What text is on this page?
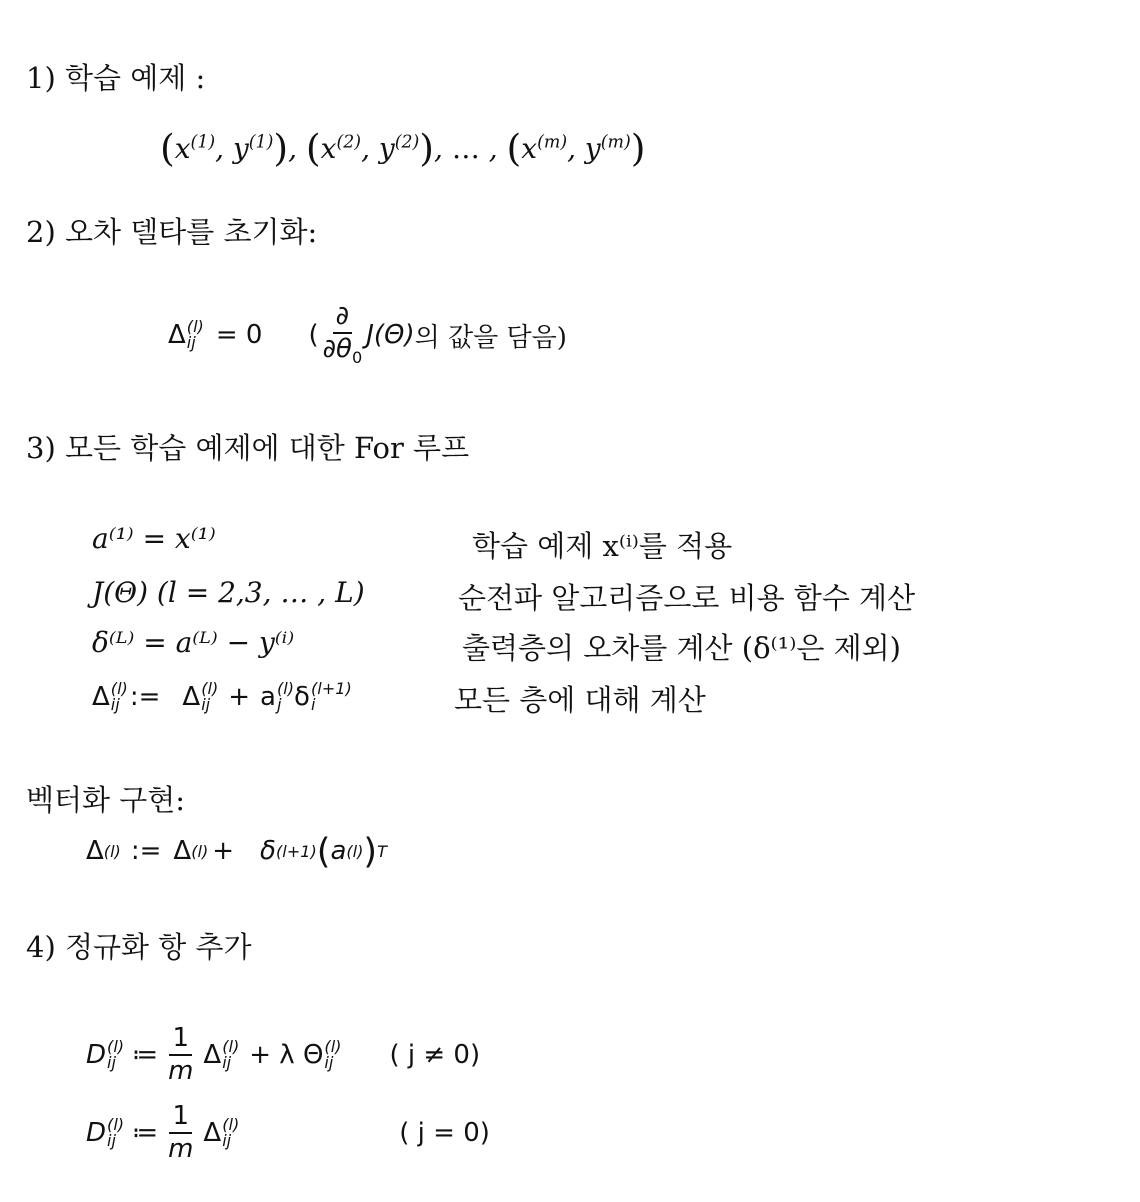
1) 학습 예제 :
($x^{(1)}$, $y^{(1)}$), ($x^{(2)}$, $y^{(2)}$), … , ($x^{(m)}$, $y^{(m)}$)
2) 오차 델타를 초기화:
Δ (l)
ij = 0 ( $\frac{\partial}{\partial\theta_0} J(\Theta)$ 의 값을 담음)
3) 모든 학습 예제에 대한 For 루프
a⁽¹⁾ = x⁽¹⁾	학습 예제 x⁽ⁱ⁾를 적용
J(Θ) (l = 2,3, … , L)	순전파 알고리즘으로 비용 함수 계산
δ⁽ᴸ⁾ = a⁽ᴸ⁾ − y⁽ⁱ⁾	출력층의 오차를 계산 (δ⁽¹⁾은 제외)
Δ (l)
ij := Δ (l)
ij + a (l)
j δ (l+1)
i	모든 층에 대해 계산
벡터화 구현:
Δ (l) := Δ (l) + δ (l+1) ( a (l) ) T
4) 정규화 항 추가
D (l)
ij ≔ $\frac{1}{m}$ Δ (l)
ij + λ Θ (l)
ij	( j ≠ 0)
D (l)
ij ≔ $\frac{1}{m}$ Δ (l)
ij	( j = 0)
